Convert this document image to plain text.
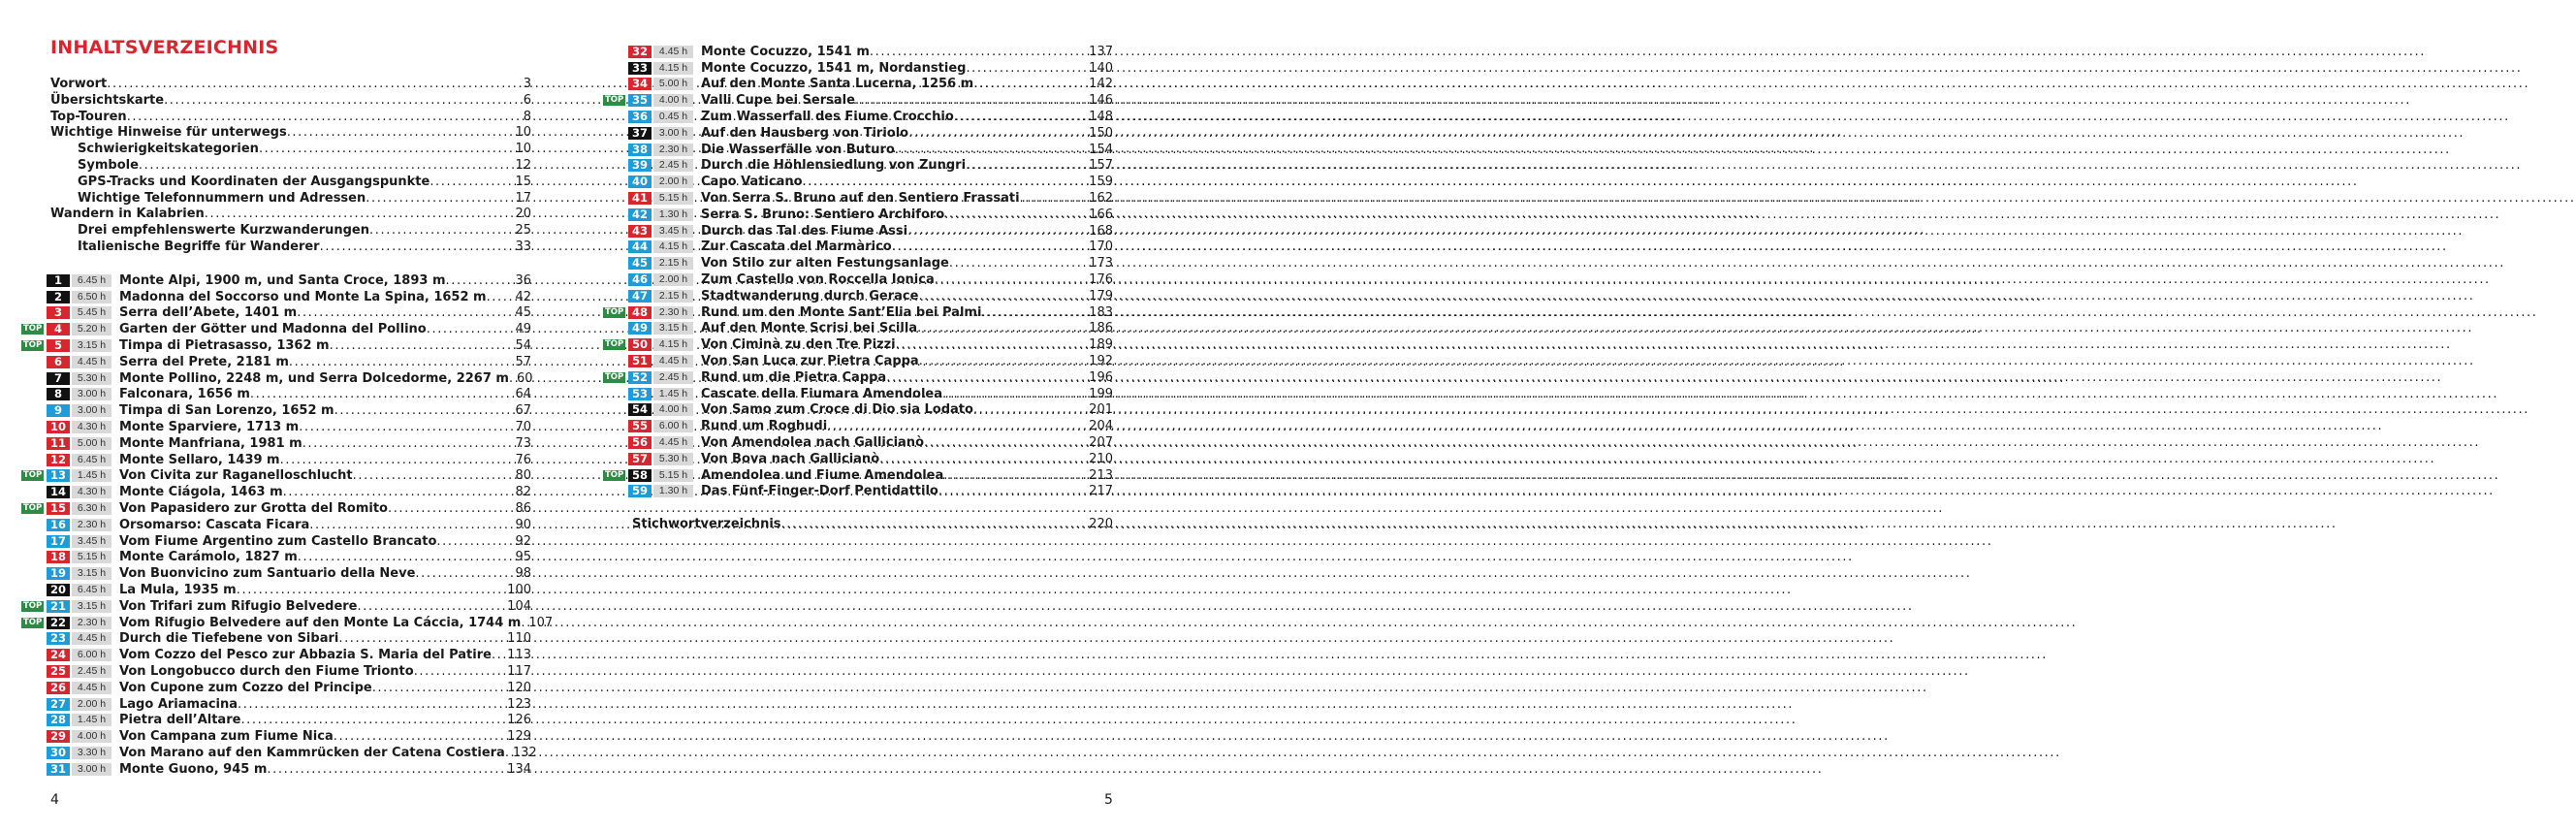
INHALTSVERZEICHNIS
Vorwort .....	3
Übersichtskarte .....	6
Top-Touren .....	8
Wichtige Hinweise für unterwegs .....	10
Schwierigkeitskategorien .....	10
Symbole .....	12
GPS-Tracks und Koordinaten der Ausgangspunkte .....	15
Wichtige Telefonnummern und Adressen .....	17
Wandern in Kalabrien .....	20
Drei empfehlenswerte Kurzwanderungen .....	25
Italienische Begriffe für Wanderer .....	33
1	6.45 h	Monte Alpi, 1900 m, und Santa Croce, 1893 m .....	36
2	6.50 h	Madonna del Soccorso und Monte La Spina, 1652 m ..... 42
3	5.45 h	Serra dell’Abete, 1401 m .....	45
TOP	4	5.20 h	Garten der Götter und Madonna del Pollino .....	49
TOP	5	3.15 h	Timpa di Pietrasasso, 1362 m .....	54
6	4.45 h	Serra del Prete, 2181 m .....	57
7	5.30 h	Monte Pollino, 2248 m, und Serra Dolcedorme, 2267 m ..... 60
8	3.00 h	Falconara, 1656 m .....	64
9	3.00 h	Timpa di San Lorenzo, 1652 m .....	67
10	4.30 h	Monte Sparviere, 1713 m .....	70
11	5.00 h	Monte Manfriana, 1981 m .....	73
12	6.45 h	Monte Sellaro, 1439 m .....	76
TOP 13	1.45 h	Von Civita zur Raganelloschlucht .....	80
14	4.30 h	Monte Ciágola, 1463 m .....	82
TOP 15	6.30 h	Von Papasidero zur Grotta del Romito .....	86
16	2.30 h	Orsomarso: Cascata Ficara .....	90
17	3.45 h	Vom Fiume Argentino zum Castello Brancato .....	92
18	5.15 h	Monte Carámolo, 1827 m .....	95
19	3.15 h	Von Buonvicino zum Santuario della Neve .....	98
20	6.45 h	La Mula, 1935 m .....	100
TOP 21	3.15 h	Von Trifari zum Rifugio Belvedere .....	104
TOP 22	2.30 h	Vom Rifugio Belvedere auf den Monte La Cáccia, 1744 m ..... 107
23	4.45 h	Durch die Tiefebene von Sibari .....	110
24	6.00 h	Vom Cozzo del Pesco zur Abbazia S. Maria del Patire ..... 113
25	2.45 h	Von Longobucco durch den Fiume Trionto .....	117
26	4.45 h	Von Cupone zum Cozzo del Principe .....	120
27	2.00 h	Lago Ariamacina .....	123
28	1.45 h	Pietra dell’Altare .....	126
29	4.00 h	Von Campana zum Fiume Nica .....	129
30	3.30 h	Von Marano auf den Kammrücken der Catena Costiera ..... 132
31	3.00 h	Monte Guono, 945 m .....	134
32	4.45 h	Monte Cocuzzo, 1541 m .....	137
33	4.15 h	Monte Cocuzzo, 1541 m, Nordanstieg .....	140
34	5.00 h	Auf den Monte Santa Lucerna, 1256 m .....	142
TOP 35	4.00 h	Valli Cupe bei Sersale .....	146
36	0.45 h	Zum Wasserfall des Fiume Crocchio .....	148
37	3.00 h	Auf den Hausberg von Tiriolo .....	150
38	2.30 h	Die Wasserfälle von Buturo .....	154
39	2.45 h	Durch die Höhlensiedlung von Zungri .....	157
40	2.00 h	Capo Vaticano .....	159
41	5.15 h	Von Serra S. Bruno auf den Sentiero Frassati .....	162
42	1.30 h	Serra S. Bruno: Sentiero Archiforo .....	166
43	3.45 h	Durch das Tal des Fiume Assi .....	168
44	4.15 h	Zur Cascata del Marmàrico .....	170
45	2.15 h	Von Stilo zur alten Festungsanlage .....	173
46	2.00 h	Zum Castello von Roccella Ionica .....	176
47	2.15 h	Stadtwanderung durch Gerace .....	179
TOP 48	2.30 h	Rund um den Monte Sant’Elia bei Palmi .....	183
49	3.15 h	Auf den Monte Scrisi bei Scilla .....	186
TOP 50	4.15 h	Von Ciminà zu den Tre Pizzi .....	189
51	4.45 h	Von San Luca zur Pietra Cappa .....	192
TOP 52	2.45 h	Rund um die Pietra Cappa .....	196
53	1.45 h	Cascate della Fiumara Amendolea .....	199
54	4.00 h	Von Samo zum Croce di Dio sia Lodato .....	201
55	6.00 h	Rund um Roghudi .....	204
56	4.45 h	Von Amendolea nach Gallicianò .....	207
57	5.30 h	Von Bova nach Gallicianò .....	210
TOP 58	5.15 h	Amendolea und Fiume Amendolea .....	213
59	1.30 h	Das Fünf-Finger-Dorf Pentidattilo .....	217
Stichwortverzeichnis .....	220
4	5
